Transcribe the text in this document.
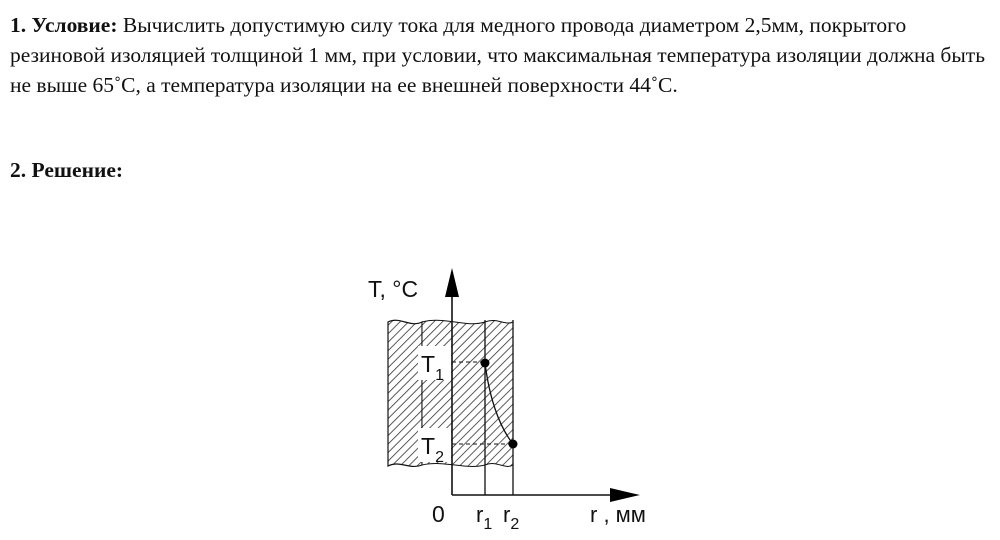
1. Условие: Вычислить допустимую силу тока для медного провода диаметром 2,5мм, покрытого резиновой изоляцией толщиной 1 мм, при условии, что максимальная температура изоляции должна быть не выше 65˚C, а температура изоляции на ее внешней поверхности 44˚C.

2. Решение:

T, °C
r , мм
0
$T_1$
$T_2$
$r_1$ $r_2$
